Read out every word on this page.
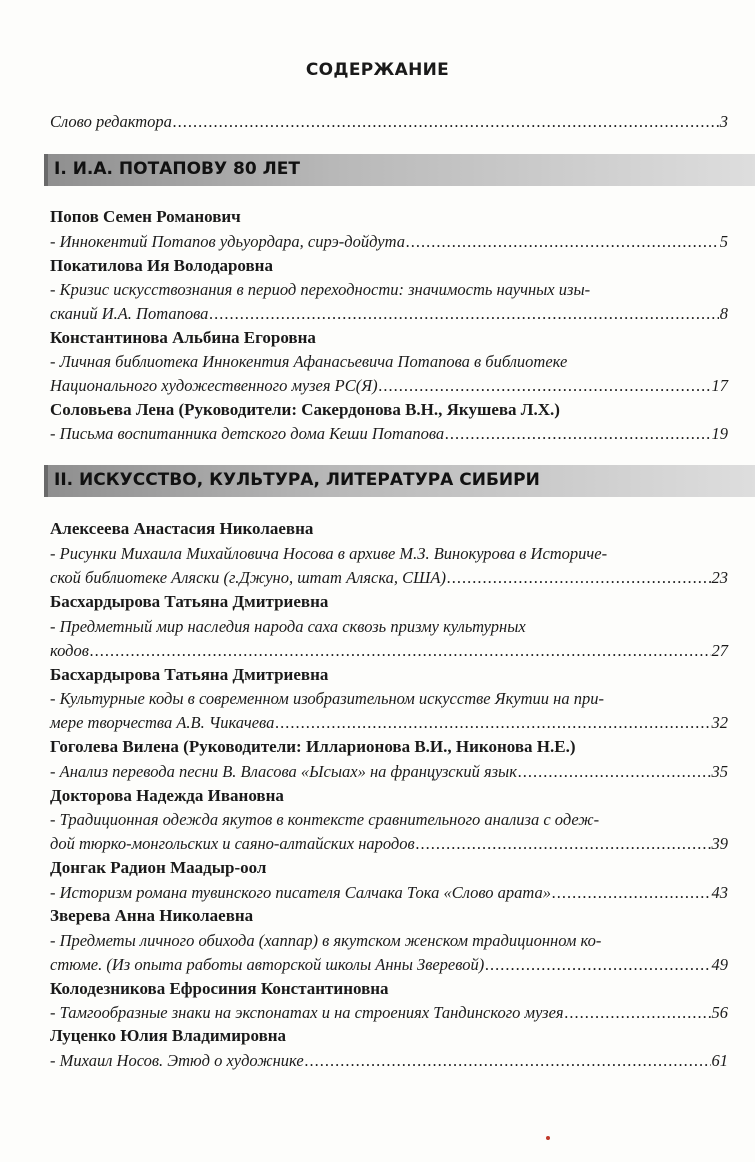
СОДЕРЖАНИЕ
Слово редактора .....	3
I. И.А. ПОТАПОВУ 80 ЛЕТ
Попов Семен Романович
- Иннокентий Потапов удьуордара, сирэ-дойдута .....	5
Покатилова Ия Володаровна
- Кризис искусствознания в период переходности: значимость научных изы-
сканий И.А. Потапова .....	8
Константинова Альбина Егоровна
- Личная библиотека Иннокентия Афанасьевича Потапова в библиотеке
Национального художественного музея РС(Я) .....	17
Соловьева Лена (Руководители: Сакердонова В.Н., Якушева Л.Х.)
- Письма воспитанника детского дома Кеши Потапова .....	19
II. ИСКУССТВО, КУЛЬТУРА, ЛИТЕРАТУРА СИБИРИ
Алексеева Анастасия Николаевна
- Рисунки Михаила Михайловича Носова в архиве М.З. Винокурова в Истoриче-
ской библиотеке Аляски (г.Джуно, штат Аляска, США) .....	23
Басхардырова Татьяна Дмитриевна
- Предметный мир наследия народа саха сквозь призму культурных
кодов .....	27
Басхардырова Татьяна Дмитриевна
- Культурные коды в современном изобразительном искусстве Якутии на при-
мере творчества А.В. Чикачева .....	32
Гоголева Вилена (Руководители: Илларионова В.И., Никонова Н.Е.)
- Анализ перевода песни В. Власова «Ысыах» на французский язык .....	35
Докторова Надежда Ивановна
- Традиционная одежда якутов в контексте сравнительного анализа с одеж-
дой тюрко-монгольских и саяно-алтайских народов .....	39
Донгак Радион Маадыр-оол
- Историзм романа тувинского писателя Салчака Тока «Слово арата» .....	43
Зверева Анна Николаевна
- Предметы личного обихода (хаппар) в якутском женском традиционном ко-
стюме. (Из опыта работы авторской школы Анны Зверевой) .....	49
Колодезникова Ефросиния Константиновна
- Тамгообразные знаки на экспонатах и на строениях Тандинского музея .....	56
Луценко Юлия Владимировна
- Михаил Носов. Этюд о художнике .....	61
